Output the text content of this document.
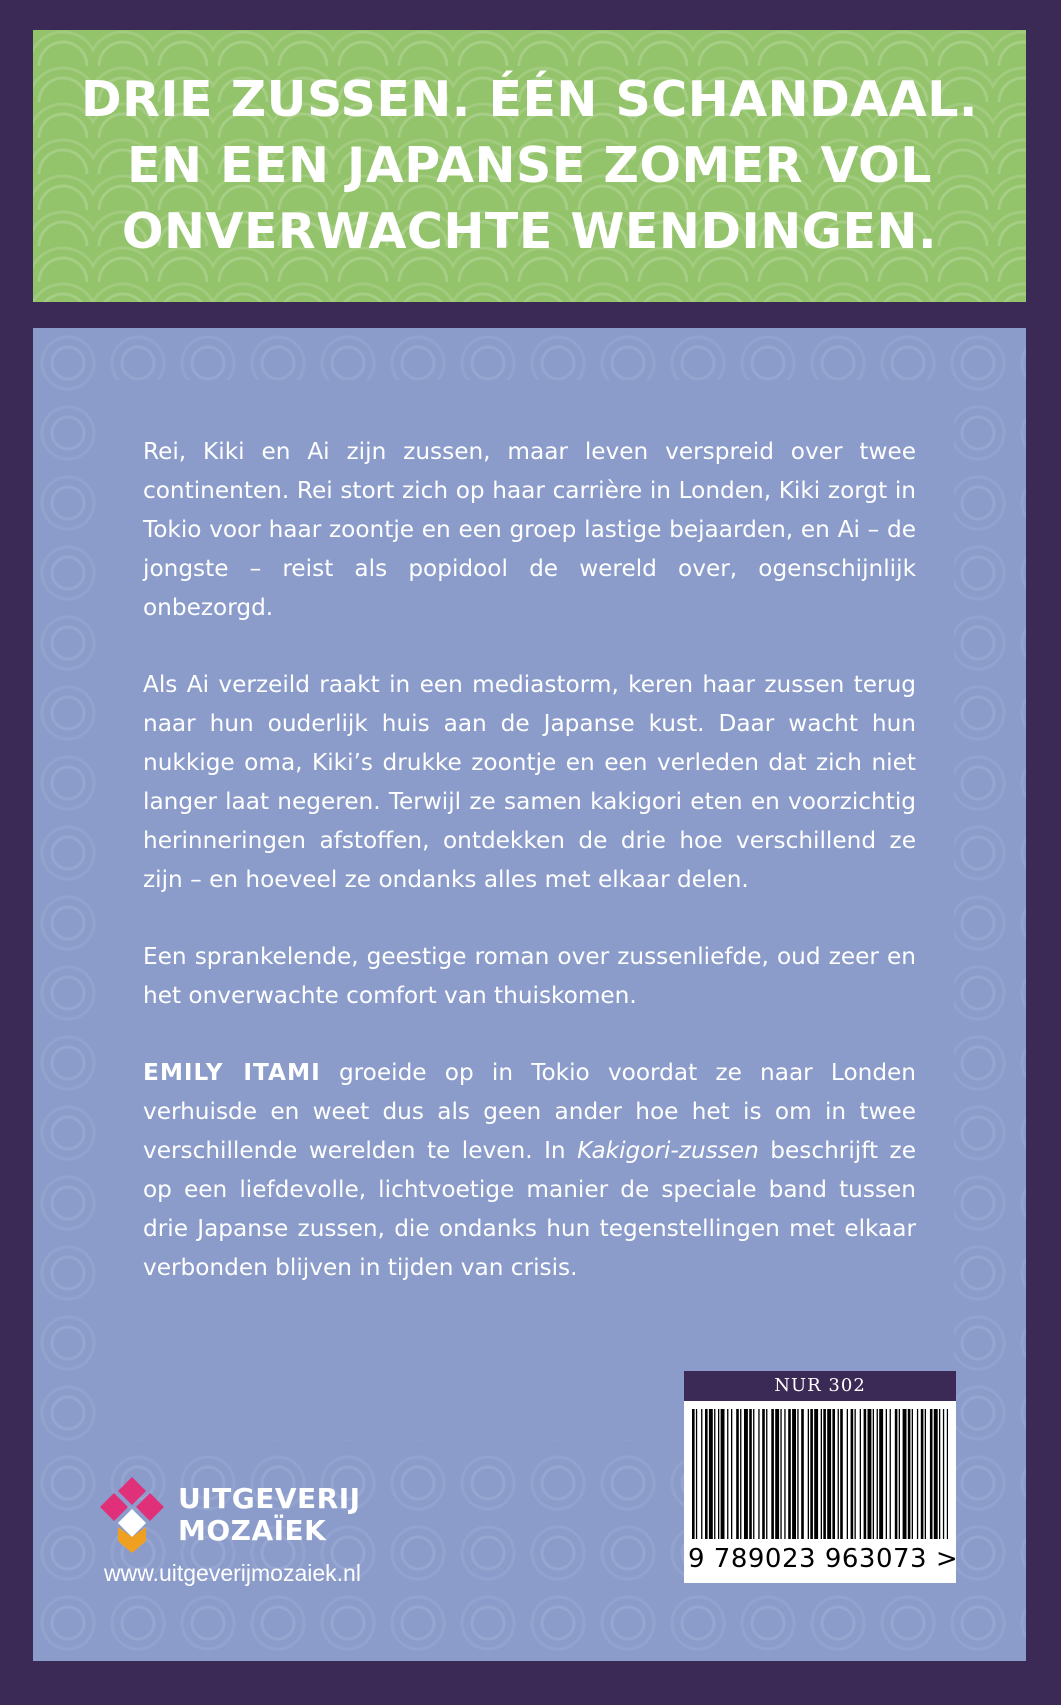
DRIE ZUSSEN. ÉÉN SCHANDAAL.
EN EEN JAPANSE ZOMER VOL
ONVERWACHTE WENDINGEN.

Rei, Kiki en Ai zijn zussen, maar leven verspreid over twee continenten. Rei stort zich op haar carrière in Londen, Kiki zorgt in Tokio voor haar zoontje en een groep lastige bejaarden, en Ai – de jongste – reist als popidool de wereld over, ogenschijnlijk onbezorgd.

Als Ai verzeild raakt in een mediastorm, keren haar zussen terug naar hun ouderlijk huis aan de Japanse kust. Daar wacht hun nukkige oma, Kiki’s drukke zoontje en een verleden dat zich niet langer laat negeren. Terwijl ze samen kakigori eten en voorzichtig herinneringen afstoffen, ontdekken de drie hoe verschillend ze zijn – en hoeveel ze ondanks alles met elkaar delen.

Een sprankelende, geestige roman over zussenliefde, oud zeer en het onverwachte comfort van thuiskomen.

EMILY ITAMI groeide op in Tokio voordat ze naar Londen verhuisde en weet dus als geen ander hoe het is om in twee verschillende werelden te leven. In Kakigori-zussen beschrijft ze op een liefdevolle, lichtvoetige manier de speciale band tussen drie Japanse zussen, die ondanks hun tegenstellingen met elkaar verbonden blijven in tijden van crisis.

NUR 302
9 789023 963073 >
UITGEVERIJ
MOZAÏEK
www.uitgeverijmozaiek.nl
